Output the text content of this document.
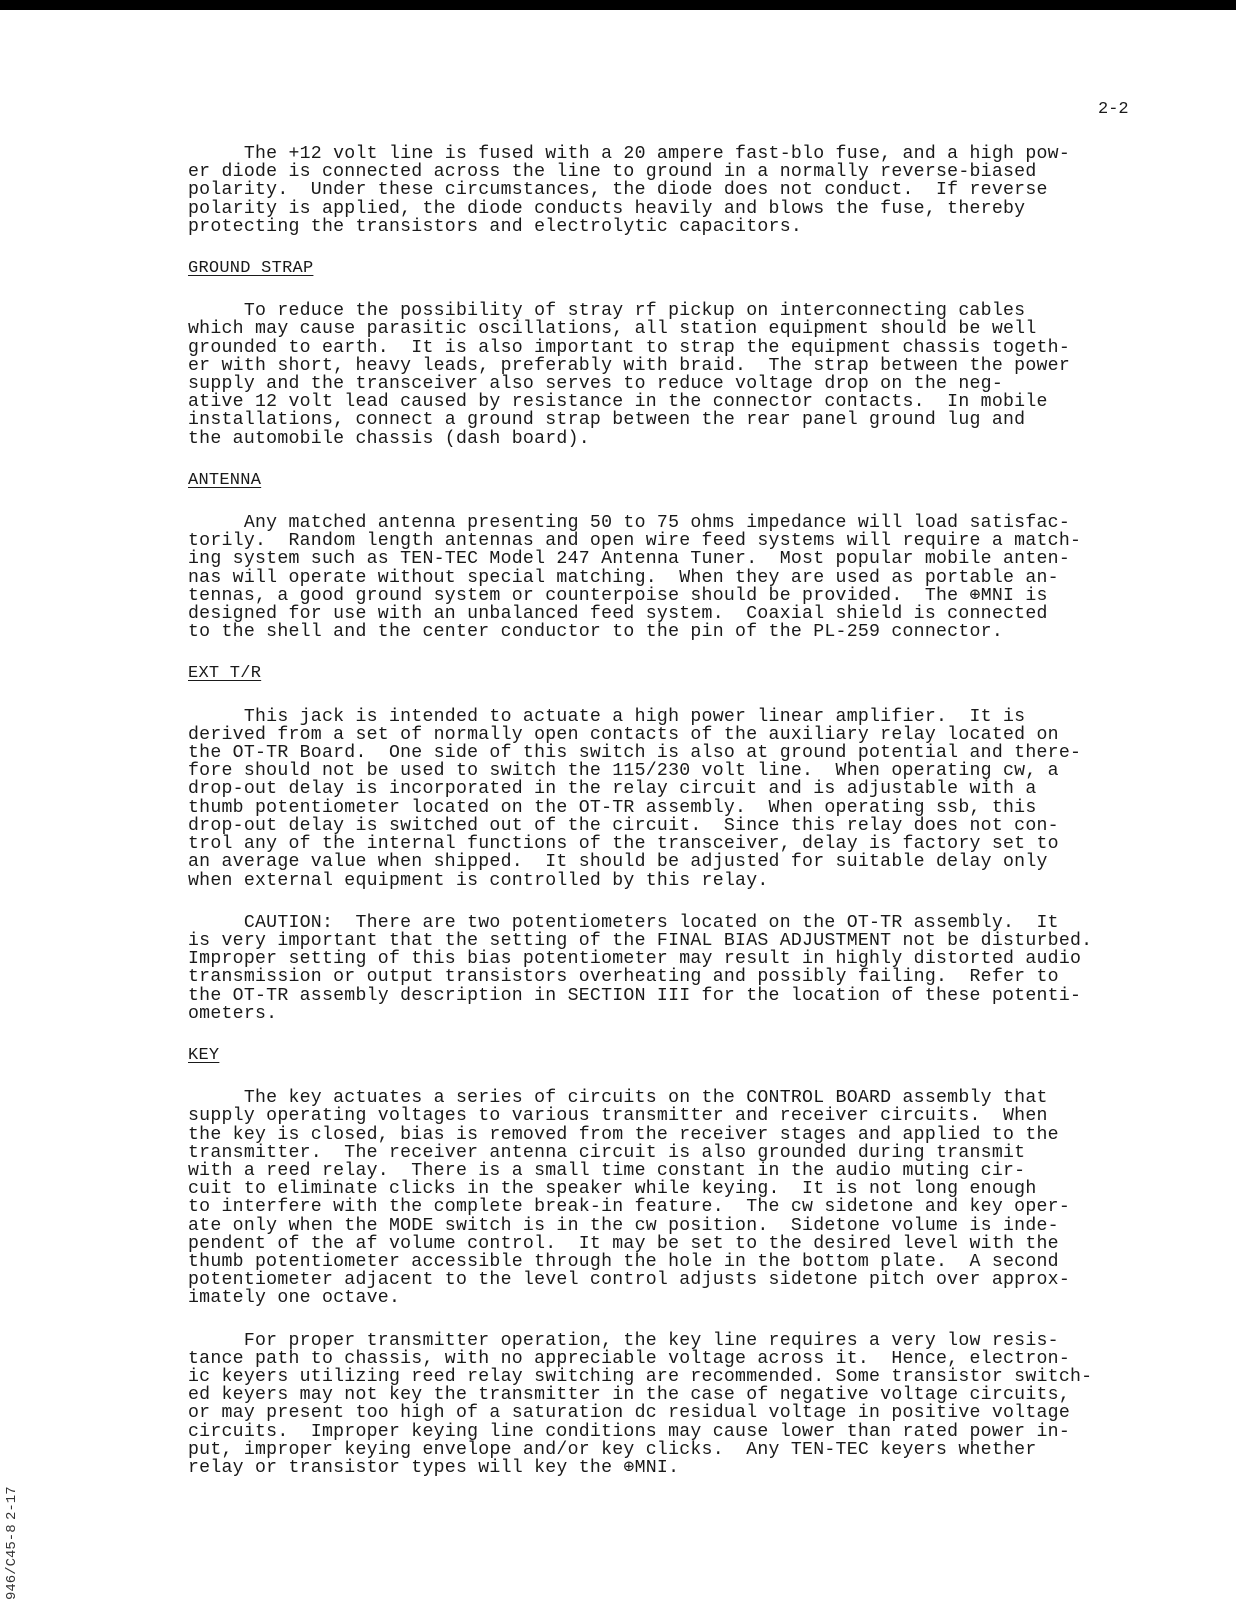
2-2

The +12 volt line is fused with a 20 ampere fast-blo fuse, and a high pow-
er diode is connected across the line to ground in a normally reverse-biased
polarity.  Under these circumstances, the diode does not conduct.  If reverse
polarity is applied, the diode conducts heavily and blows the fuse, thereby
protecting the transistors and electrolytic capacitors.

GROUND STRAP

To reduce the possibility of stray rf pickup on interconnecting cables
which may cause parasitic oscillations, all station equipment should be well
grounded to earth.  It is also important to strap the equipment chassis togeth-
er with short, heavy leads, preferably with braid.  The strap between the power
supply and the transceiver also serves to reduce voltage drop on the neg-
ative 12 volt lead caused by resistance in the connector contacts.  In mobile
installations, connect a ground strap between the rear panel ground lug and
the automobile chassis (dash board).

ANTENNA

Any matched antenna presenting 50 to 75 ohms impedance will load satisfac-
torily.  Random length antennas and open wire feed systems will require a match-
ing system such as TEN-TEC Model 247 Antenna Tuner.  Most popular mobile anten-
nas will operate without special matching.  When they are used as portable an-
tennas, a good ground system or counterpoise should be provided.  The ⊕MNI is
designed for use with an unbalanced feed system.  Coaxial shield is connected
to the shell and the center conductor to the pin of the PL-259 connector.

EXT T/R

This jack is intended to actuate a high power linear amplifier.  It is
derived from a set of normally open contacts of the auxiliary relay located on
the OT-TR Board.  One side of this switch is also at ground potential and there-
fore should not be used to switch the 115/230 volt line.  When operating cw, a
drop-out delay is incorporated in the relay circuit and is adjustable with a
thumb potentiometer located on the OT-TR assembly.  When operating ssb, this
drop-out delay is switched out of the circuit.  Since this relay does not con-
trol any of the internal functions of the transceiver, delay is factory set to
an average value when shipped.  It should be adjusted for suitable delay only
when external equipment is controlled by this relay.

CAUTION:  There are two potentiometers located on the OT-TR assembly.  It
is very important that the setting of the FINAL BIAS ADJUSTMENT not be disturbed.
Improper setting of this bias potentiometer may result in highly distorted audio
transmission or output transistors overheating and possibly failing.  Refer to
the OT-TR assembly description in SECTION III for the location of these potenti-
ometers.

KEY

The key actuates a series of circuits on the CONTROL BOARD assembly that
supply operating voltages to various transmitter and receiver circuits.  When
the key is closed, bias is removed from the receiver stages and applied to the
transmitter.  The receiver antenna circuit is also grounded during transmit
with a reed relay.  There is a small time constant in the audio muting cir-
cuit to eliminate clicks in the speaker while keying.  It is not long enough
to interfere with the complete break-in feature.  The cw sidetone and key oper-
ate only when the MODE switch is in the cw position.  Sidetone volume is inde-
pendent of the af volume control.  It may be set to the desired level with the
thumb potentiometer accessible through the hole in the bottom plate.  A second
potentiometer adjacent to the level control adjusts sidetone pitch over approx-
imately one octave.

For proper transmitter operation, the key line requires a very low resis-
tance path to chassis, with no appreciable voltage across it.  Hence, electron-
ic keyers utilizing reed relay switching are recommended. Some transistor switch-
ed keyers may not key the transmitter in the case of negative voltage circuits,
or may present too high of a saturation dc residual voltage in positive voltage
circuits.  Improper keying line conditions may cause lower than rated power in-
put, improper keying envelope and/or key clicks.  Any TEN-TEC keyers whether
relay or transistor types will key the ⊕MNI.

2-17
946/C45-8
